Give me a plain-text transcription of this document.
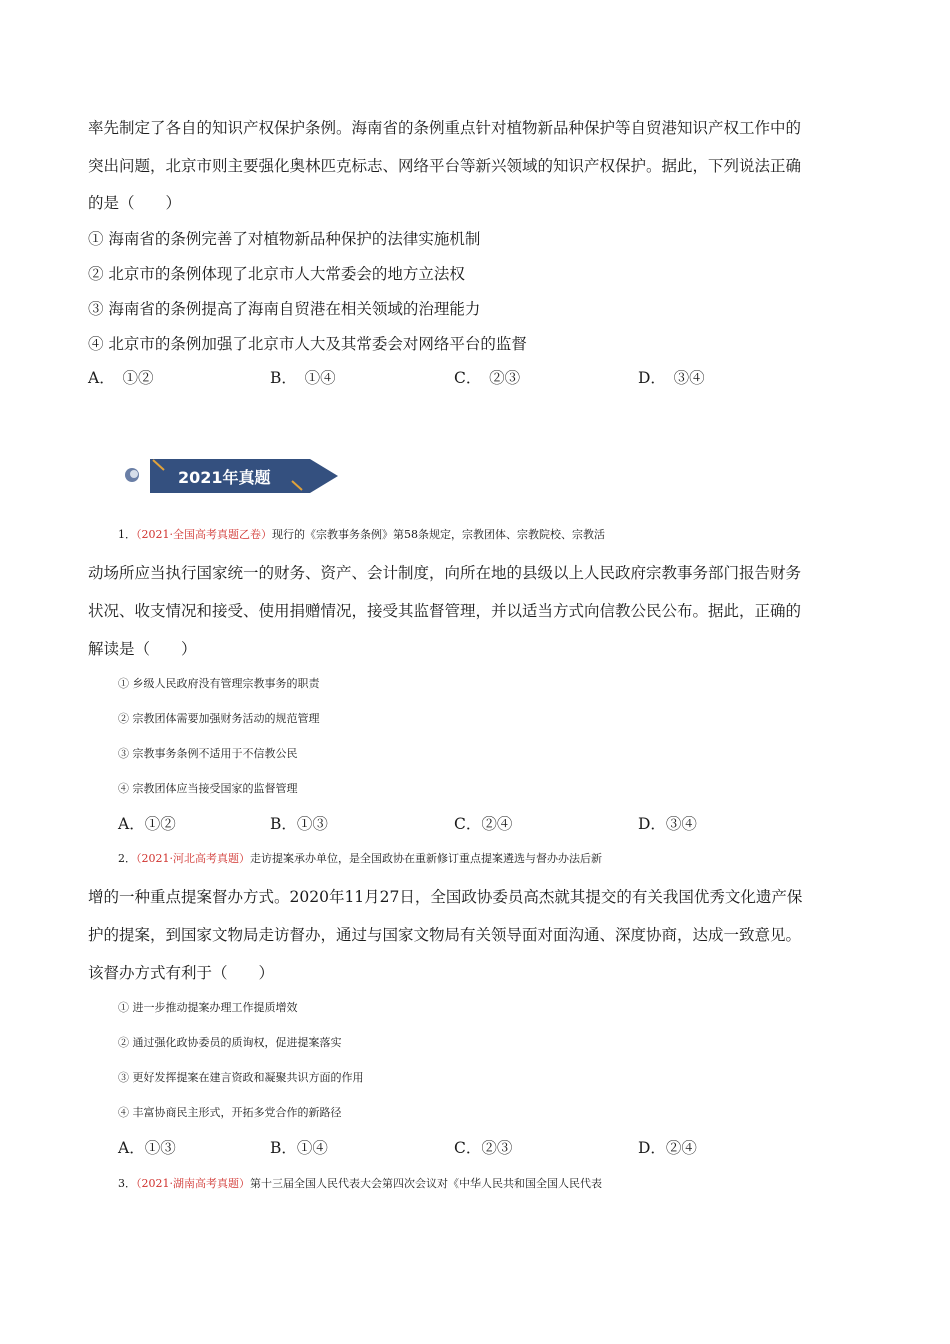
率先制定了各自的知识产权保护条例。海南省的条例重点针对植物新品种保护等自贸港知识产权工作中的
突出问题，北京市则主要强化奥林匹克标志、网络平台等新兴领域的知识产权保护。据此，下列说法正确
的是（　　）
① 海南省的条例完善了对植物新品种保护的法律实施机制
② 北京市的条例体现了北京市人大常委会的地方立法权
③ 海南省的条例提高了海南自贸港在相关领域的治理能力
④ 北京市的条例加强了北京市人大及其常委会对网络平台的监督
A．　①②	B．　①④	C．　②③	D．　③④
2021年真题
1．（2021·全国高考真题乙卷）现行的《宗教事务条例》第58条规定，宗教团体、宗教院校、宗教活
动场所应当执行国家统一的财务、资产、会计制度，向所在地的县级以上人民政府宗教事务部门报告财务
状况、收支情况和接受、使用捐赠情况，接受其监督管理，并以适当方式向信教公民公布。据此，正确的
解读是（　　）
① 乡级人民政府没有管理宗教事务的职责
② 宗教团体需要加强财务活动的规范管理
③ 宗教事务条例不适用于不信教公民
④ 宗教团体应当接受国家的监督管理
A．①②	B．①③	C．②④	D．③④
2．（2021·河北高考真题）走访提案承办单位，是全国政协在重新修订重点提案遴选与督办办法后新
增的一种重点提案督办方式。2020年11月27日，全国政协委员高杰就其提交的有关我国优秀文化遗产保
护的提案，到国家文物局走访督办，通过与国家文物局有关领导面对面沟通、深度协商，达成一致意见。
该督办方式有利于（　　）
① 进一步推动提案办理工作提质增效
② 通过强化政协委员的质询权，促进提案落实
③ 更好发挥提案在建言资政和凝聚共识方面的作用
④ 丰富协商民主形式，开拓多党合作的新路径
A．①③	B．①④	C．②③	D．②④
3．（2021·湖南高考真题）第十三届全国人民代表大会第四次会议对《中华人民共和国全国人民代表
